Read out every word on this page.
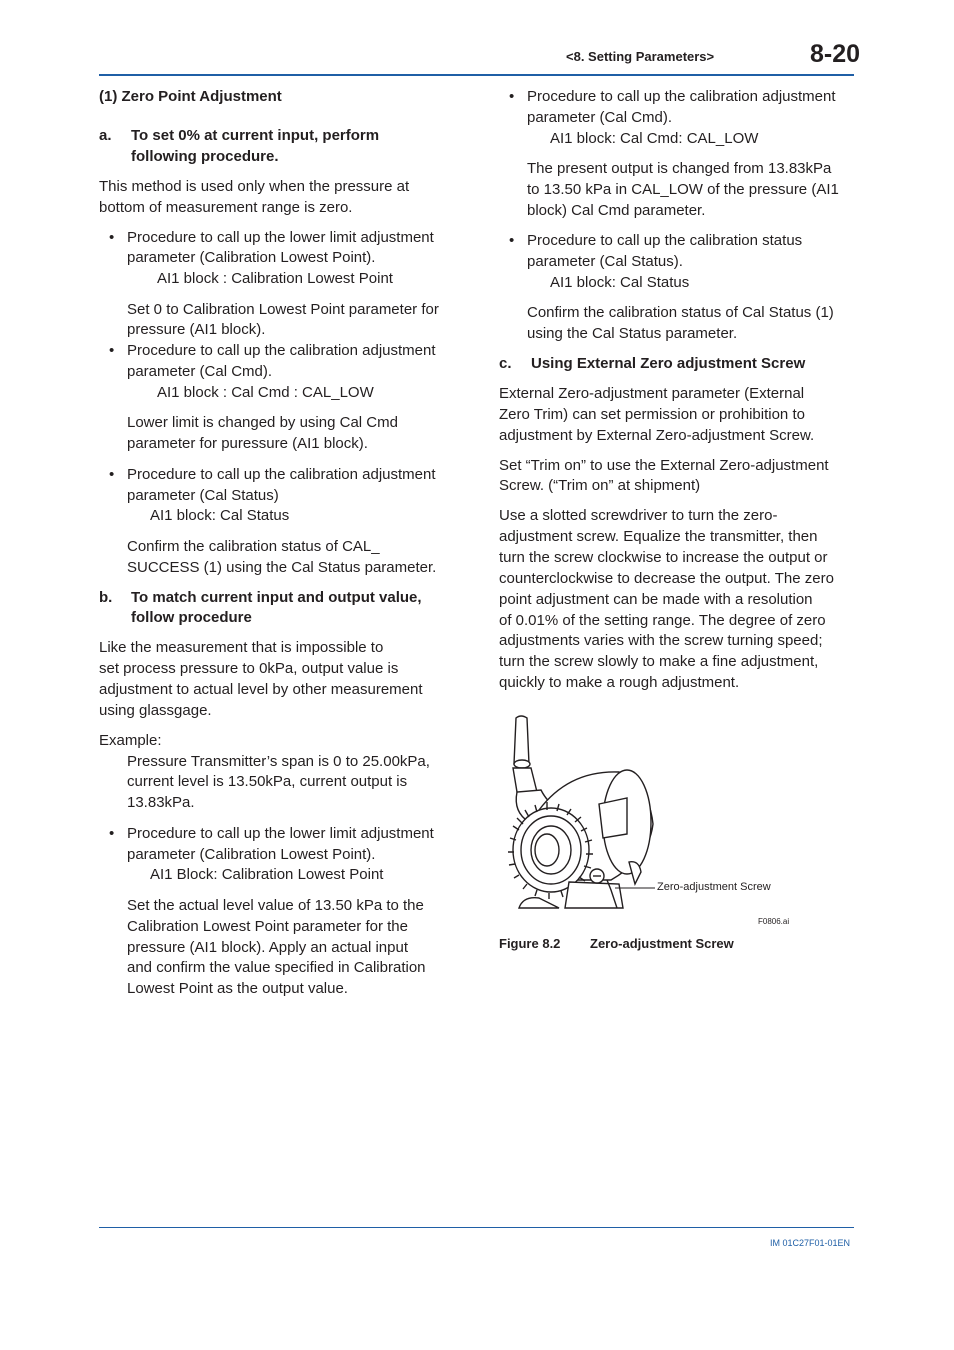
<8. Setting Parameters>	8-20

(1) Zero Point Adjustment

a. To set 0% at current input, perform

following procedure.

This method is used only when the pressure at

bottom of measurement range is zero.

• Procedure to call up the lower limit adjustment

parameter (Calibration Lowest Point).

AI1 block : Calibration Lowest Point

Set 0 to Calibration Lowest Point parameter for

pressure (AI1 block).

• Procedure to call up the calibration adjustment

parameter (Cal Cmd).

AI1 block : Cal Cmd : CAL_LOW

Lower limit is changed by using Cal Cmd

parameter for puressure (AI1 block).

• Procedure to call up the calibration adjustment

parameter (Cal Status)

AI1 block: Cal Status

Confirm the calibration status of CAL_

SUCCESS (1) using the Cal Status parameter.

b. To match current input and output value,

follow procedure

Like the measurement that is impossible to

set process pressure to 0kPa, output value is

adjustment to actual level by other measurement

using glassgage.

Example:

Pressure Transmitter’s span is 0 to 25.00kPa,

current level is 13.50kPa, current output is

13.83kPa.

• Procedure to call up the lower limit adjustment

parameter (Calibration Lowest Point).

AI1 Block: Calibration Lowest Point

Set the actual level value of 13.50 kPa to the

Calibration Lowest Point parameter for the

pressure (AI1 block). Apply an actual input

and confirm the value specified in Calibration

Lowest Point as the output value.

• Procedure to call up the calibration adjustment

parameter (Cal Cmd).

AI1 block: Cal Cmd: CAL_LOW

The present output is changed from 13.83kPa

to 13.50 kPa in CAL_LOW of the pressure (AI1

block) Cal Cmd parameter.

• Procedure to call up the calibration status

parameter (Cal Status).

AI1 block: Cal Status

Confirm the calibration status of Cal Status (1)

using the Cal Status parameter.

c. Using External Zero adjustment Screw

External Zero-adjustment parameter (External

Zero Trim) can set permission or prohibition to

adjustment by External Zero-adjustment Screw.

Set “Trim on” to use the External Zero-adjustment

Screw. (“Trim on” at shipment)

Use a slotted screwdriver to turn the zero-

adjustment screw. Equalize the transmitter, then

turn the screw clockwise to increase the output or

counterclockwise to decrease the output. The zero

point adjustment can be made with a resolution

of 0.01% of the setting range. The degree of zero

adjustments varies with the screw turning speed;

turn the screw slowly to make a fine adjustment,

quickly to make a rough adjustment.

Zero-adjustment Screw

F0806.ai

Figure 8.2 Zero-adjustment Screw

IM 01C27F01-01EN
